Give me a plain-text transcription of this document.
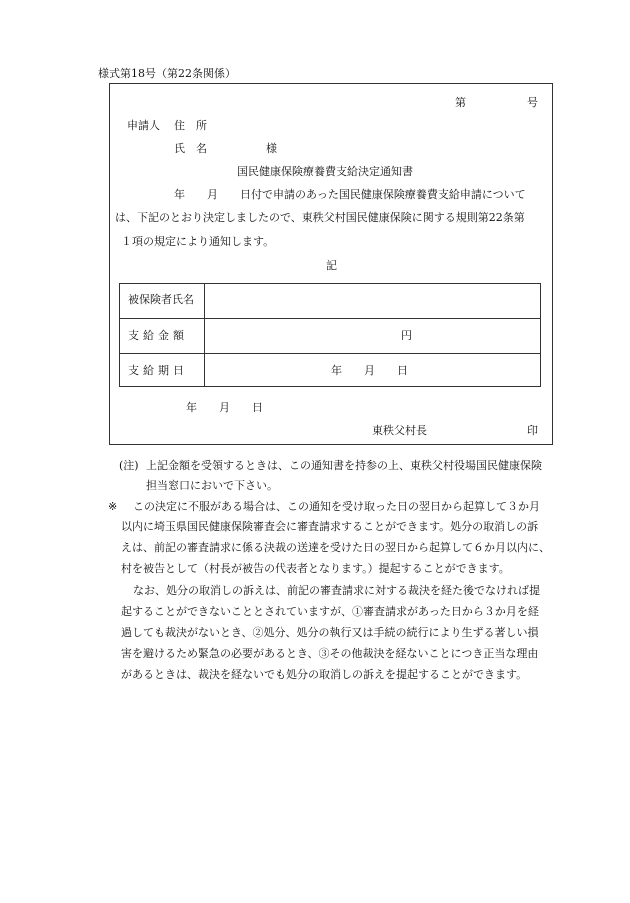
様式第18号（第22条関係）
第	号
申請人 住　所
氏　名	様
国民健康保険療養費支給決定通知書
年　　月　　日付で申請のあった国民健康保険療養費支給申請について
は、下記のとおり決定しましたので、東秩父村国民健康保険に関する規則第22条第
１項の規定により通知します。
記
被保険者氏名
支給金額	円
支給期日	年　　月　　日
年　　月　　日
東秩父村長	印
(注) 上記金額を受領するときは、この通知書を持参の上、東秩父村役場国民健康保険
担当窓口においで下さい。
※ この決定に不服がある場合は、この通知を受け取った日の翌日から起算して３か月
以内に埼玉県国民健康保険審査会に審査請求することができます。処分の取消しの訴
えは、前記の審査請求に係る決裁の送達を受けた日の翌日から起算して６か月以内に、
村を被告として（村長が被告の代表者となります。）提起することができます。
なお、処分の取消しの訴えは、前記の審査請求に対する裁決を経た後でなければ提
起することができないこととされていますが、①審査請求があった日から３か月を経
過しても裁決がないとき、②処分、処分の執行又は手続の続行により生ずる著しい損
害を避けるため緊急の必要があるとき、③その他裁決を経ないことにつき正当な理由
があるときは、裁決を経ないでも処分の取消しの訴えを提起することができます。
